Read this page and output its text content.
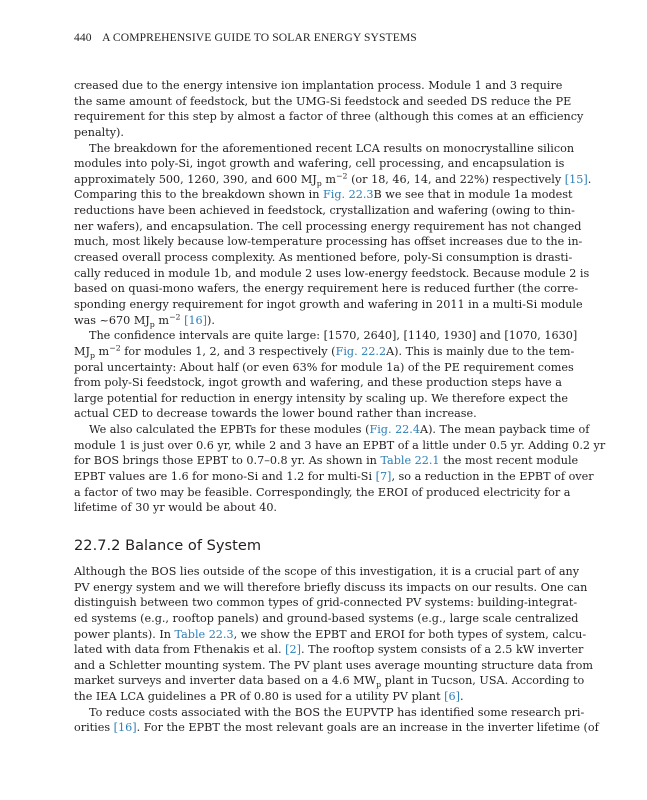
440 A COMPREHENSIVE GUIDE TO SOLAR ENERGY SYSTEMS
creased due to the energy intensive ion implantation process. Module 1 and 3 require
the same amount of feedstock, but the UMG-Si feedstock and seeded DS reduce the PE
requirement for this step by almost a factor of three (although this comes at an efficiency
penalty).
The breakdown for the aforementioned recent LCA results on monocrystalline silicon
modules into poly-Si, ingot growth and wafering, cell processing, and encapsulation is
approximately 500, 1260, 390, and 600 $MJ_p$ $m^{-2}$ (or 18, 46, 14, and 22%) respectively [15].
Comparing this to the breakdown shown in Fig. 22.3B we see that in module 1a modest
reductions have been achieved in feedstock, crystallization and wafering (owing to thin-
ner wafers), and encapsulation. The cell processing energy requirement has not changed
much, most likely because low-temperature processing has offset increases due to the in-
creased overall process complexity. As mentioned before, poly-Si consumption is drasti-
cally reduced in module 1b, and module 2 uses low-energy feedstock. Because module 2 is
based on quasi-mono wafers, the energy requirement here is reduced further (the corre-
sponding energy requirement for ingot growth and wafering in 2011 in a multi-Si module
was ~670 $MJ_p$ $m^{-2}$ [16]).
The confidence intervals are quite large: [1570, 2640], [1140, 1930] and [1070, 1630]
$MJ_p$ $m^{-2}$ for modules 1, 2, and 3 respectively (Fig. 22.2A). This is mainly due to the tem-
poral uncertainty: About half (or even 63% for module 1a) of the PE requirement comes
from poly-Si feedstock, ingot growth and wafering, and these production steps have a
large potential for reduction in energy intensity by scaling up. We therefore expect the
actual CED to decrease towards the lower bound rather than increase.
We also calculated the EPBTs for these modules (Fig. 22.4A). The mean payback time of
module 1 is just over 0.6 yr, while 2 and 3 have an EPBT of a little under 0.5 yr. Adding 0.2 yr
for BOS brings those EPBT to 0.7–0.8 yr. As shown in Table 22.1 the most recent module
EPBT values are 1.6 for mono-Si and 1.2 for multi-Si [7], so a reduction in the EPBT of over
a factor of two may be feasible. Correspondingly, the EROI of produced electricity for a
lifetime of 30 yr would be about 40.
22.7.2 Balance of System
Although the BOS lies outside of the scope of this investigation, it is a crucial part of any
PV energy system and we will therefore briefly discuss its impacts on our results. One can
distinguish between two common types of grid-connected PV systems: building-integrat-
ed systems (e.g., rooftop panels) and ground-based systems (e.g., large scale centralized
power plants). In Table 22.3, we show the EPBT and EROI for both types of system, calcu-
lated with data from Fthenakis et al. [2]. The rooftop system consists of a 2.5 kW inverter
and a Schletter mounting system. The PV plant uses average mounting structure data from
market surveys and inverter data based on a 4.6 $MW_p$ plant in Tucson, USA. According to
the IEA LCA guidelines a PR of 0.80 is used for a utility PV plant [6].
To reduce costs associated with the BOS the EUPVTP has identified some research pri-
orities [16]. For the EPBT the most relevant goals are an increase in the inverter lifetime (of
